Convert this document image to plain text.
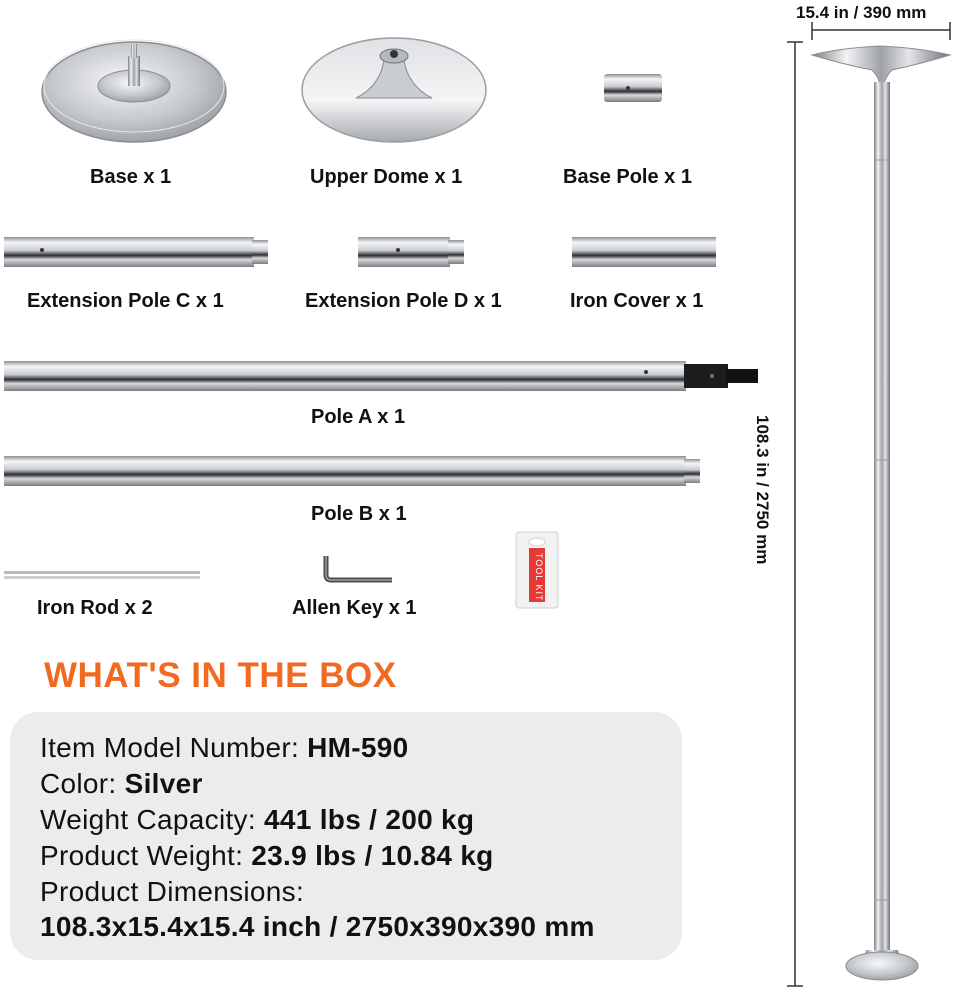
TOOL KIT
15.4 in / 390 mm
108.3 in / 2750 mm
Base x 1	Upper Dome x 1	Base Pole x 1
Extension Pole C x 1	Extension Pole D x 1	Iron Cover x 1
Pole A x 1
Pole B x 1
Iron Rod x 2	Allen Key x 1
WHAT'S IN THE BOX
Item Model Number: HM-590
Color: Silver
Weight Capacity: 441 lbs / 200 kg
Product Weight: 23.9 lbs / 10.84 kg
Product Dimensions:
108.3x15.4x15.4 inch / 2750x390x390 mm
